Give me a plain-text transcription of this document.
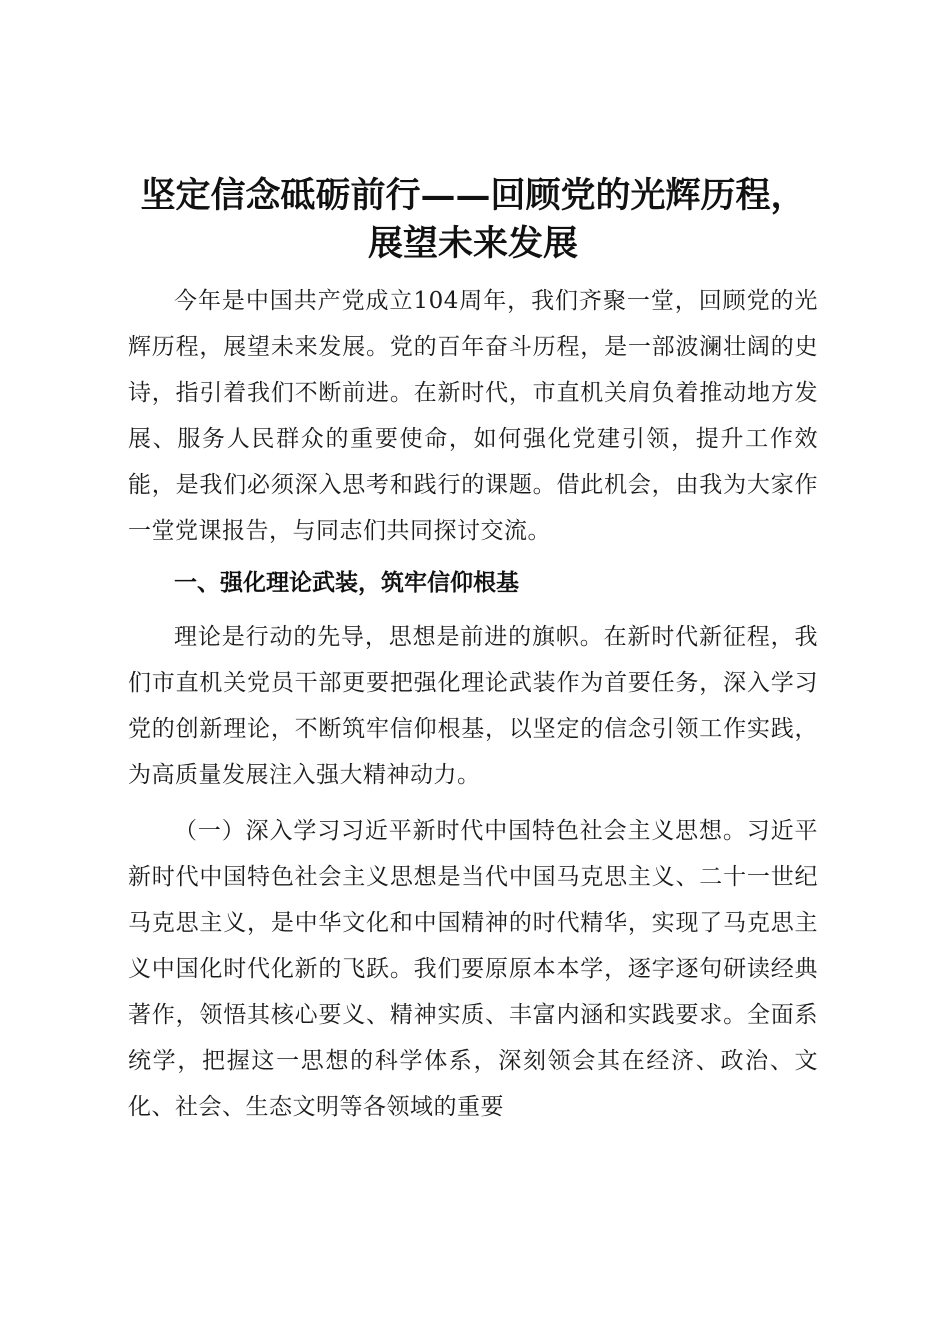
坚定信念砥砺前行——回顾党的光辉历程，展望未来发展

今年是中国共产党成立104周年，我们齐聚一堂，回顾党的光辉历程，展望未来发展。党的百年奋斗历程，是一部波澜壮阔的史诗，指引着我们不断前进。在新时代，市直机关肩负着推动地方发展、服务人民群众的重要使命，如何强化党建引领，提升工作效能，是我们必须深入思考和践行的课题。借此机会，由我为大家作一堂党课报告，与同志们共同探讨交流。

一、强化理论武装，筑牢信仰根基

理论是行动的先导，思想是前进的旗帜。在新时代新征程，我们市直机关党员干部更要把强化理论武装作为首要任务，深入学习党的创新理论，不断筑牢信仰根基，以坚定的信念引领工作实践，为高质量发展注入强大精神动力。

（一）深入学习习近平新时代中国特色社会主义思想。习近平新时代中国特色社会主义思想是当代中国马克思主义、二十一世纪马克思主义，是中华文化和中国精神的时代精华，实现了马克思主义中国化时代化新的飞跃。我们要原原本本学，逐字逐句研读经典著作，领悟其核心要义、精神实质、丰富内涵和实践要求。全面系统学，把握这一思想的科学体系，深刻领会其在经济、政治、文化、社会、生态文明等各领域的重要
